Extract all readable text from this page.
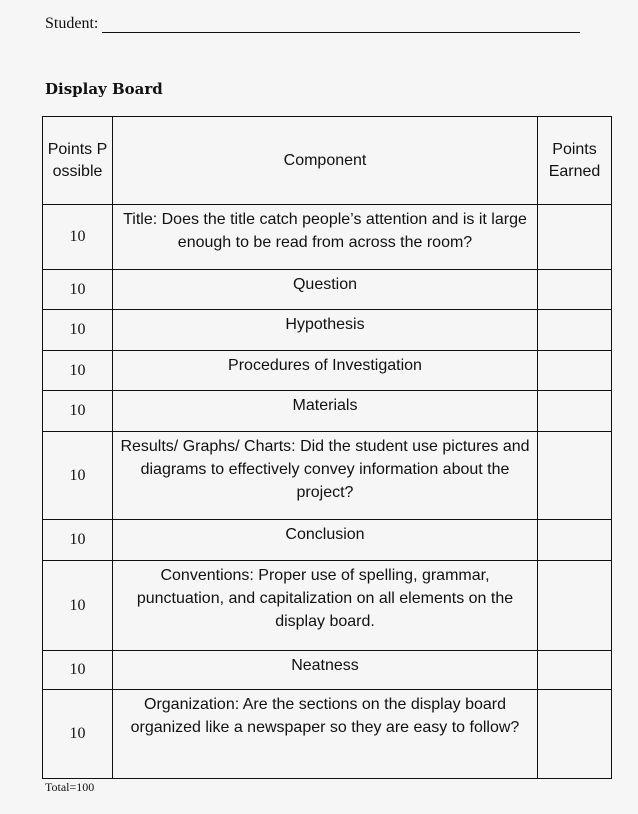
Student:
Display Board
Points Possible	Component	Points Earned
10	Title: Does the title catch people’s attention and is it large enough to be read from across the room?	
10	Question	
10	Hypothesis	
10	Procedures of Investigation	
10	Materials	
10	Results/ Graphs/ Charts: Did the student use pictures and diagrams to effectively convey information about the project?	
10	Conclusion	
10	Conventions: Proper use of spelling, grammar, punctuation, and capitalization on all elements on the display board.	
10	Neatness	
10	Organization: Are the sections on the display board organized like a newspaper so they are easy to follow?	
Total=100
